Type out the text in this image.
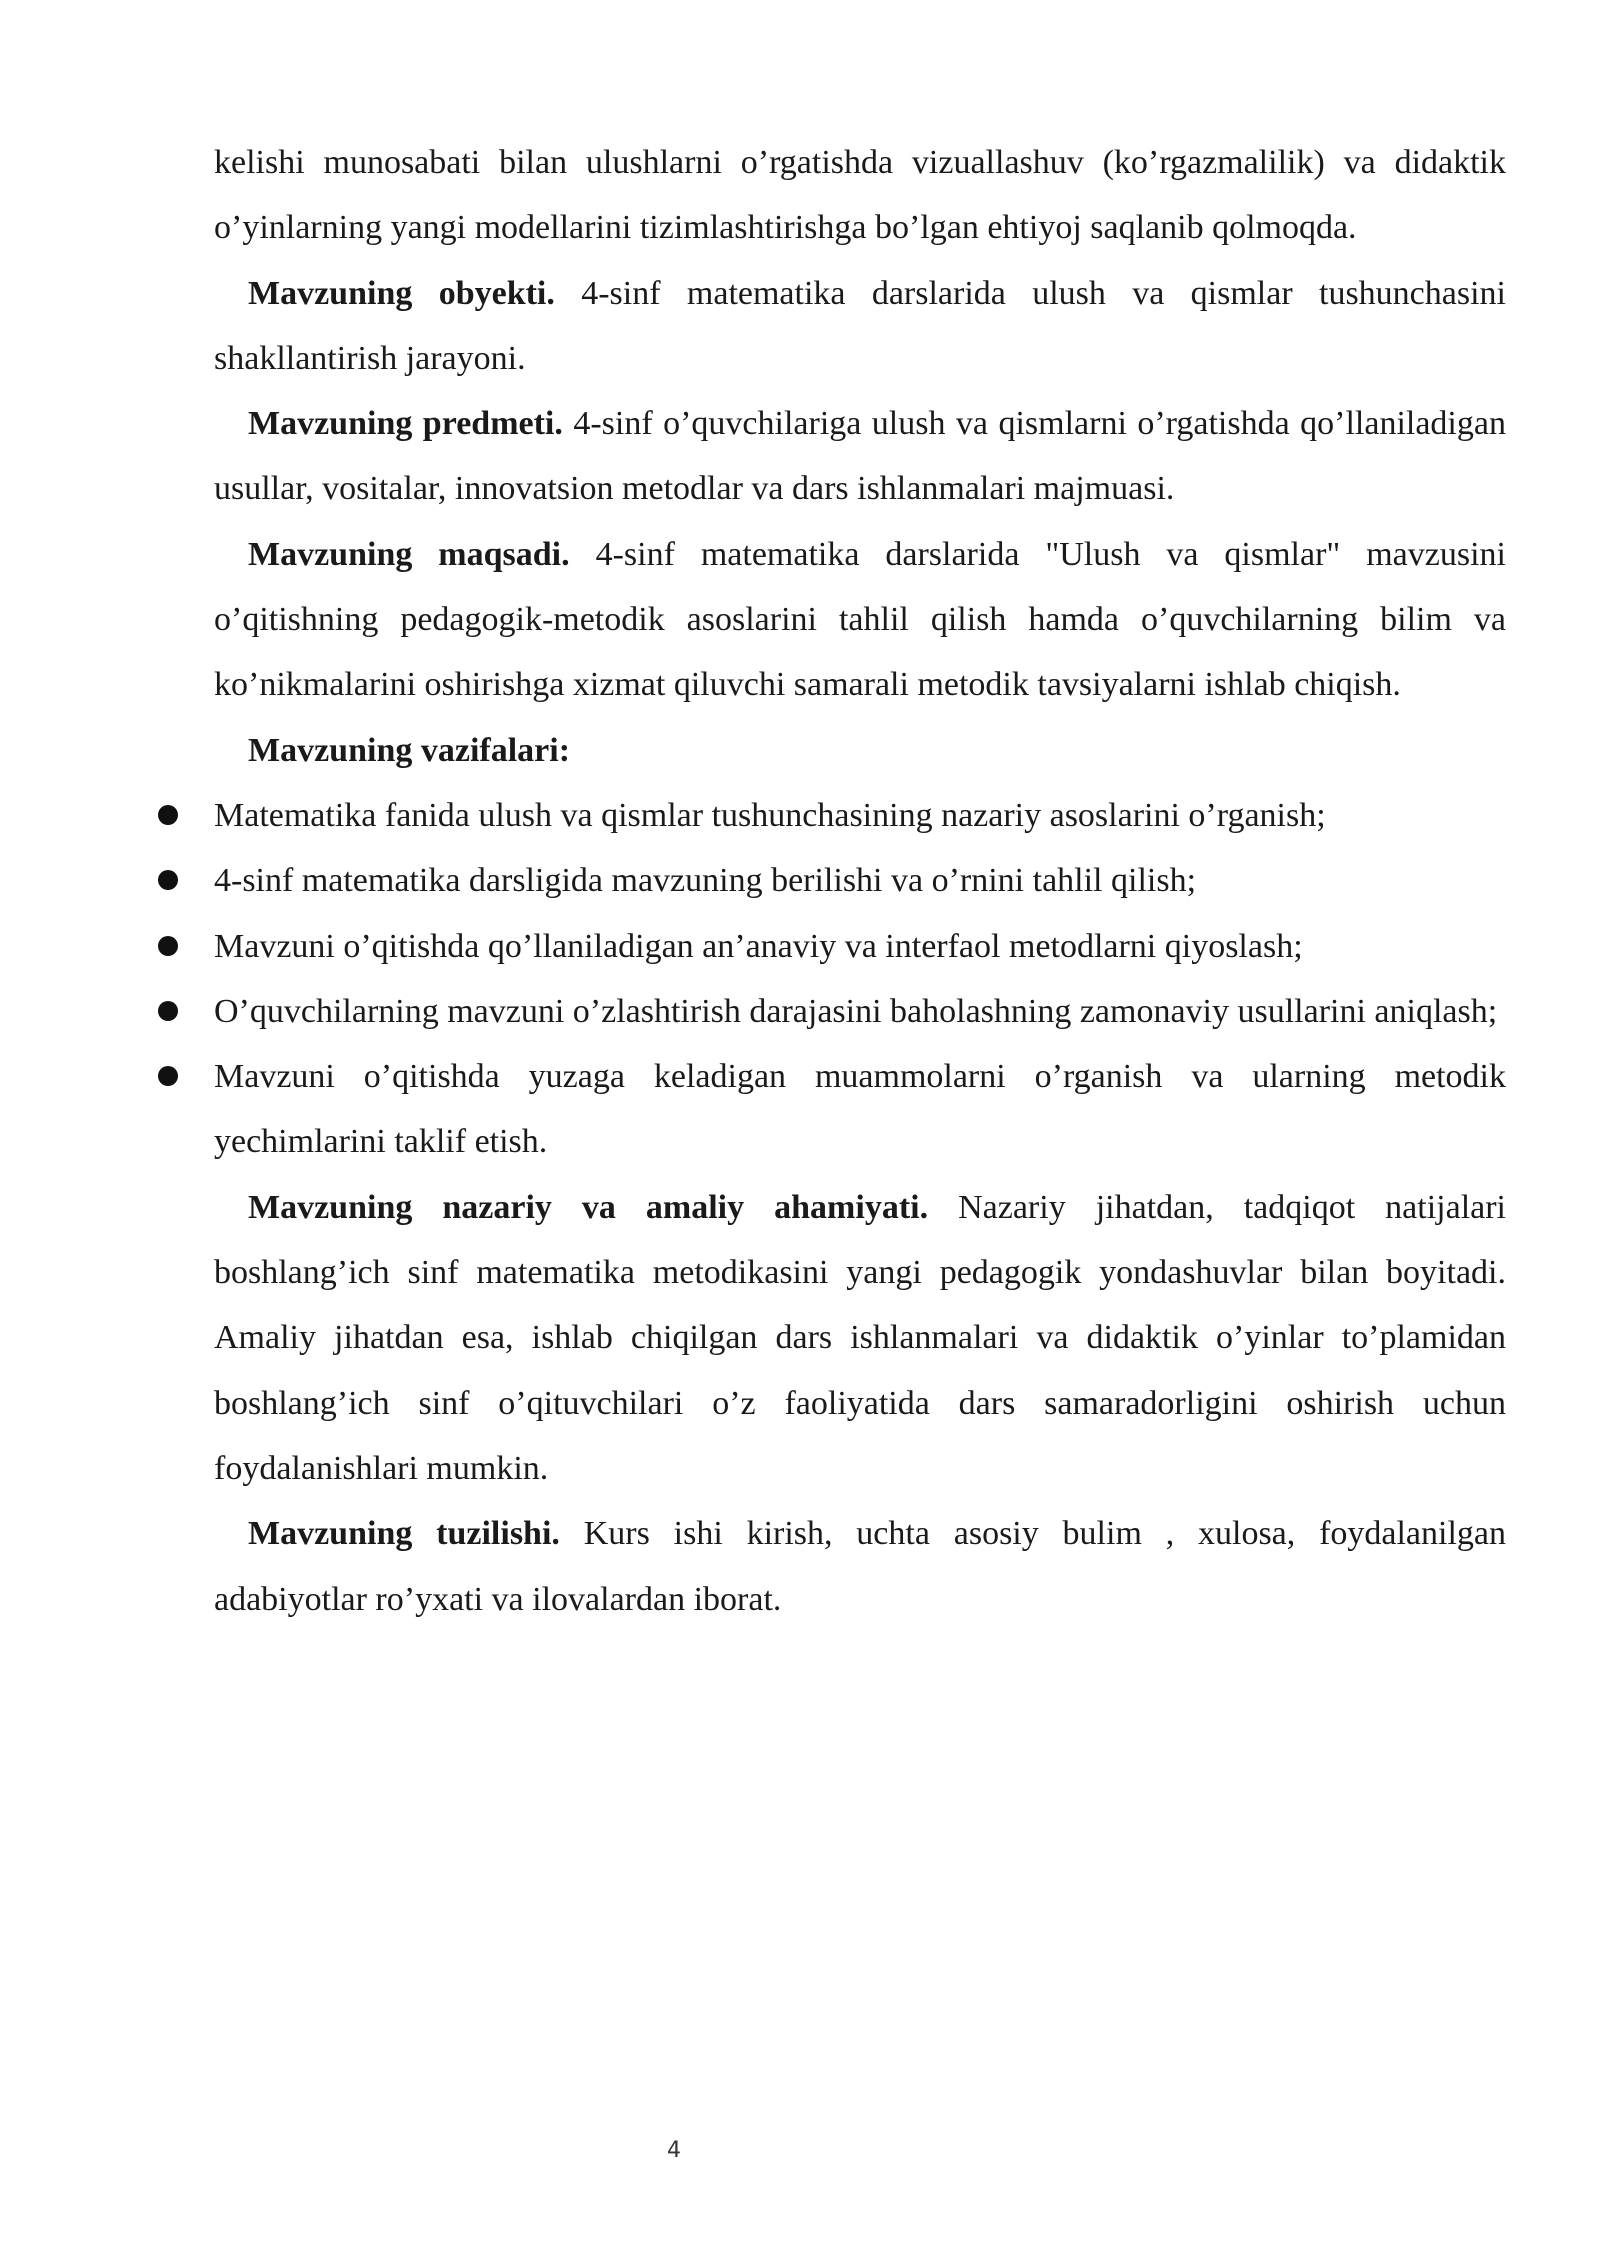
kelishi munosabati bilan ulushlarni o’rgatishda vizuallashuv (ko’rgazmalilik) va didaktik o’yinlarning yangi modellarini tizimlashtirishga bo’lgan ehtiyoj saqlanib qolmoqda.

Mavzuning obyekti. 4-sinf matematika darslarida ulush va qismlar tushunchasini shakllantirish jarayoni.

Mavzuning predmeti. 4-sinf o’quvchilariga ulush va qismlarni o’rgatishda qo’llaniladigan usullar, vositalar, innovatsion metodlar va dars ishlanmalari majmuasi.

Mavzuning maqsadi. 4-sinf matematika darslarida "Ulush va qismlar" mavzusini o’qitishning pedagogik-metodik asoslarini tahlil qilish hamda o’quvchilarning bilim va ko’nikmalarini oshirishga xizmat qiluvchi samarali metodik tavsiyalarni ishlab chiqish.

Mavzuning vazifalari:

Matematika fanida ulush va qismlar tushunchasining nazariy asoslarini o’rganish;
4-sinf matematika darsligida mavzuning berilishi va o’rnini tahlil qilish;
Mavzuni o’qitishda qo’llaniladigan an’anaviy va interfaol metodlarni qiyoslash;
O’quvchilarning mavzuni o’zlashtirish darajasini baholashning zamonaviy usullarini aniqlash;
Mavzuni o’qitishda yuzaga keladigan muammolarni o’rganish va ularning metodik yechimlarini taklif etish.

Mavzuning nazariy va amaliy ahamiyati. Nazariy jihatdan, tadqiqot natijalari boshlang’ich sinf matematika metodikasini yangi pedagogik yondashuvlar bilan boyitadi. Amaliy jihatdan esa, ishlab chiqilgan dars ishlanmalari va didaktik o’yinlar to’plamidan boshlang’ich sinf o’qituvchilari o’z faoliyatida dars samaradorligini oshirish uchun foydalanishlari mumkin.

Mavzuning tuzilishi. Kurs ishi kirish, uchta asosiy bulim , xulosa, foydalanilgan adabiyotlar ro’yxati va ilovalardan iborat.

4
